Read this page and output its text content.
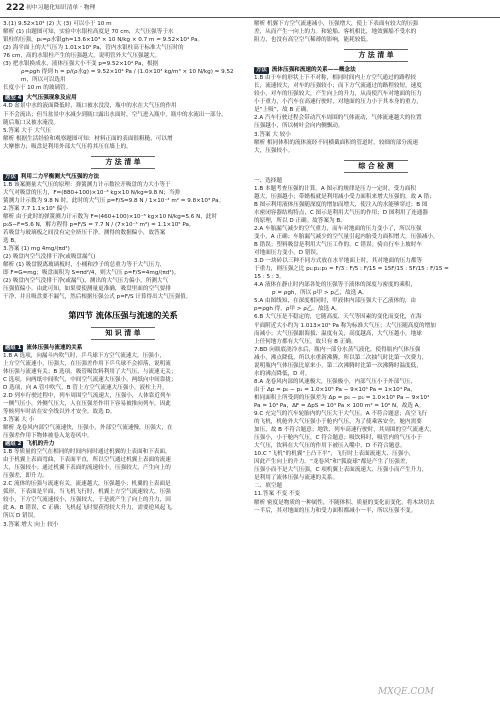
222 初中习题化知识清单 · 物理
3.(1) 9.52×10⁴ (2) 大 (3) 可以小于 10 m
解析 (1) 由题图可知，实验中水银柱高度是 70 cm，大气压强等于水
银柱的压强，p₀=ρ水银gh=13.6×10³ × 10 N/kg × 0.7 m = 9.52×10⁴ Pa。
(2) 海平面上的大气压为 1.01×10⁵ Pa，管内水银柱高于标准大气压时的
76 cm，高的水银柱产生的压强越大，说明管外大气压强越大。
(3) 把水银换成水，液体压强大小不变 p=9.52×10⁴ Pa，根据
ρ=ρgh 得到 h = p/(ρ水g) = 9.52×10⁴ Pa / (1.0×10³ kg/m³ × 10 N/kg) = 9.52 m，所以可以选用
长度小于 10 m 的玻璃管。
题型 4 大气压强现象及应用
4.D 盆景中水的液面降低时，瓶口被水没没，瓶中的水在大气压的作用
下不会流出；但当盆景中水减少到瓶口露出水面时，空气进入瓶中，瓶中的水流出一部分，
随后瓶口又被水淹没。
5.答案 大于 大气压
解析 根据生活经验和观察题图可知：材料正面的表面很粗糙，可以增
大摩擦力；吸盘是利用外部大气压将其压在墙上的。
方 法 清 单
方法 利用二力平衡测大气压强的方法
1.B 该案测量大气压的原理：弹簧测力计示数拉开吸盘的力大小等于
大气对吸盘的压力，F=(880+100)×10⁻³ kg×10 N/kg=9.8 N；当弹
簧测力计示数为 9.8 N 时，此时的大气压 p=F/S=9.8 N / 1×10⁻³ m² = 9.8×10³ Pa。
2.答案 7.7 1.1×10⁵ 偏小
解析 由于此时的弹簧测力计示数为 F=(460+100)×10⁻³ kg×10 N/kg=5.6 N，此时
p₀S−F=5.6 N，解方程得 p=F/S = 7.7 N / (7×10⁻⁵ m²) = 1.1×10⁵ Pa。
若吸盘与玻璃板之间没有完全挤压干净，测得的数据偏小，故答案
选 B。
3.答案 (1) mg 4mg/(πd²)
(2) 吸盘内空气没排干净(或吸盘漏气)
解析 (1) 吸盘脱离玻璃板时，小桶和沙子的总重力等于大气压力，
即 F=G=mg；吸盘面积为 S=πd²/4，则大气压 p=F/S=4mg/(πd²)。
(2) 吸盘内空气没排干净(或漏气)，测出的大气压力偏小，所测大气
压强值偏小。由此可知，如果要使测量更准确，吸盘里面的空气要排
干净，并且吸盘要不漏气，然后根据压强公式 p=F/S 计算得出大气压强值。
第四节 流体压强与流速的关系
知 识 清 单
题组 1 流体压强与流速的关系
1.B A 选项，向漏斗内吹气时，乒乓球下方空气流速大，压强小，
上方空气流速小，压强大，在压强差作用下乒乓球不会掉落，说明流
体压强与流速有关；B 选项，吸管喝饮料利用了大气压，与流速无关；
C 选项，向两纸中间吹气，中间空气流速大压强小，两纸向中间靠拢；
D 选项，向 A 管中吹气，B 管上方空气流速大压强小，液柱上升。
2.D 列车行驶过程中，列车周围空气流速大，压强小，人体靠近列车
一侧气压小，外侧气压大，人在压强差作用下容易被推向列车，因此
等候列车时站在安全线以外才安全。故选 D。
3.答案 大 小
解析 龙卷风内部空气流速快，压强小，外部空气流速慢，压强大，在
压强差作用下物体被卷入龙卷风中。
题组 2 飞机的升力
1.B 等质量的空气在相同的时间内同时通过机翼的上表面和下表面，
由于机翼上表面弯曲，下表面平直，所以空气通过机翼上表面的流速
大，压强较小；通过机翼下表面的流速较小，压强较大，产生向上的
压强差，即升力。
2.C 流体的压强与流速有关，流速越大，压强越小；机翼的上表面是
弧形，下表面是平面，当飞机飞行时，机翼上方空气流速较大，压强
较小，下方空气流速较小，压强较大，于是就产生了向上的升力，因
此 A、B 错误，C 正确；飞机起飞时要获得较大升力，需要逆风起飞，
所以 D 错误。
3.答案 增大 向上 较小
解析 机翼下方空气流速减小，压强增大，使上下表面有较大的压强
差，从而产生一向上的力。和轮船、客机相比，地效翼船不受水的
阻力，也没有高空空气稀薄的影响，能耗较低。
方 法 清 单
方法 流体压强和流速的关系——概念法
1.B 由于车的形状上下不对称，相同时间内上方空气通过的路程较
长，流速较大，对车的压强较小；而下方气流通过的路程较短，速度
较小，对车的压强较大，产生向上的升力，从而使汽车对地面的压力
小于重力，小汽车在高速行驶时，对地面的压力小于其本身的重力，
是“上吸”，故 B 正确。
2.A 汽车行驶过程会带动汽车周围的气体流动，气体流速越大的位置
压强越小，所以树叶会向内侧飘动。
3.答案 大 较小
解析 相同体积的流体流经不同横截面积的管道时，较细的部分流速
大，压强较小。
综 合 检 测
一、选择题
1.B 本题考查压强的计算。A 图示的规律是压力一定时，受力面积
越大，压强越小；带蜡板就是利用减小受力面积来增大压强的，故 A 错；
B 图示利用液体压强随深度的增加而增大，使注入的水能够穿过；B 图
水密闭容器结构特点，C 图示是利用大气压的作用；D 图利用了连通器
的原理，所以 D 正确。故答案为 B。
2.A 车胎漏气减少的空气重力，而车对地面的压力变小了，所以压强
变小，A 正确；车胎漏气减少的空气量引起内胎受力面积增大，压强减小，
B 错误；塑料吸盘是利用大气压工作的，C 错误；骑自行车上坡时车
对地面压力变小，D 错误。
3.D 一块砖以三种不同方式放在水平地面上时，其对地面的压力都等
于重力，则压强之比 p₁:p₂:p₃ = F/3 : F/5 : F/15 = 15F/15 : 5F/15 : F/15 =
15 : 5 : 3。
4.A 液体在静止时内部各处的压强等于液体的深度与密度的乘积，
p = ρgh，所以 p甲 > p乙，故选 A。
5.A 由图线知，在深度相同时，甲液体内部压强大于乙液体的，由
p=ρgh 得，ρ甲 > ρ乙。故选 A。
6.B 大气压是不稳定的，它随高度、天气等因素的变化而变化，在海
平面附近大小约为 1.013×10⁵ Pa 称为标准大气压；大气压随高度的增加
而减小；大气压强跟海拔、温度有关，高度越高，大气压越小，地球
上任何地方都有大气压，故只有 B 正确。
7.BD 向瓶底浇冷水后，瓶内一部分水蒸气液化，使得瓶内气体压强
减小，沸点降低，所以水重新沸腾。所以第二次抽气时比第一次费力，
说明瓶内气体压强比原来小，第二次沸腾时比第一次沸腾时温度低，
水的沸点降低，D 对。
8.A 龙卷风内部的风速极大，压强极小，内部气压小于外部气压，
由于 Δp = p₀ − p₁ = 1.0×10⁵ Pa − 9×10⁴ Pa = 1×10⁴ Pa，
相同面积上所受到的压强差为 Δp = p₀ − p₁ = 1.0×10⁵ Pa − 9×10⁴
Pa = 10⁴ Pa，ΔF = ΔpS = 10⁴ Pa × 100 m² = 10⁶ N，故选 A。
9.C 充完气的汽车轮胎内的气压大于大气压，A 不符合题意；高空飞行
的飞机，机舱外大气压强小于舱内气压，为了使乘客安全，舱内需要
加压，故 B 不符合题意；地铁、列车高速行驶时，其周围的空气流速大，
压强小，小于舱内气压，C 符合题意；吸饮料时，吸管内的气压小于
大气压，饮料在大气压的作用下被压入嘴中，D 不符合题意。
10.C “飞机”的机翼“上凸下平”，飞行时上表面流速大、压强小，
因此产生向上的升力。“龙卷风”和“狐旋球”都是产生了压强差，
压强小而不是大气压强，C 项机翼上表面流速大、压强小而产生升力，
是利用了流体压强与流速的关系。
二、填空题
11.答案 不变 不变
解析 密度是物质的一种属性，不随体积、质量的变化而变化。将木块切去
一半后，其对地面的压力和受力面积都减小一半，所以压强不变。
MXQE.COM
